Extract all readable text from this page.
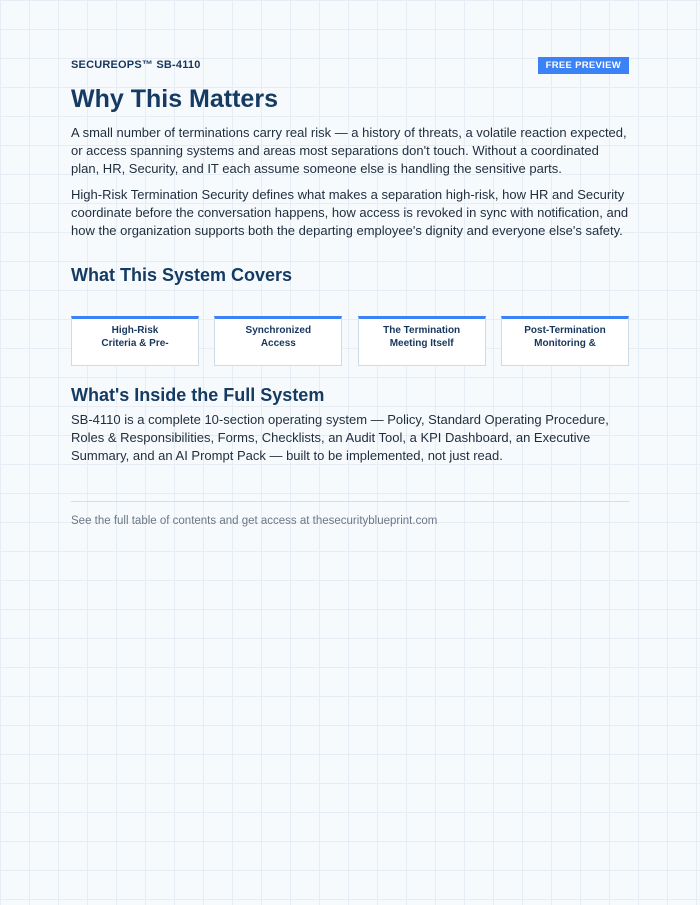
SECUREOPS™ SB-4110	FREE PREVIEW
Why This Matters

A small number of terminations carry real risk — a history of threats, a volatile reaction expected, or access spanning systems and areas most separations don't touch. Without a coordinated plan, HR, Security, and IT each assume someone else is handling the sensitive parts.

High-Risk Termination Security defines what makes a separation high-risk, how HR and Security coordinate before the conversation happens, how access is revoked in sync with notification, and how the organization supports both the departing employee's dignity and everyone else's safety.

What This System Covers
High-Risk
Criteria & Pre-
Synchronized
Access
The Termination
Meeting Itself
Post-Termination
Monitoring &
What's Inside the Full System

SB-4110 is a complete 10-section operating system — Policy, Standard Operating Procedure, Roles & Responsibilities, Forms, Checklists, an Audit Tool, a KPI Dashboard, an Executive Summary, and an AI Prompt Pack — built to be implemented, not just read.

See the full table of contents and get access at thesecurityblueprint.com
